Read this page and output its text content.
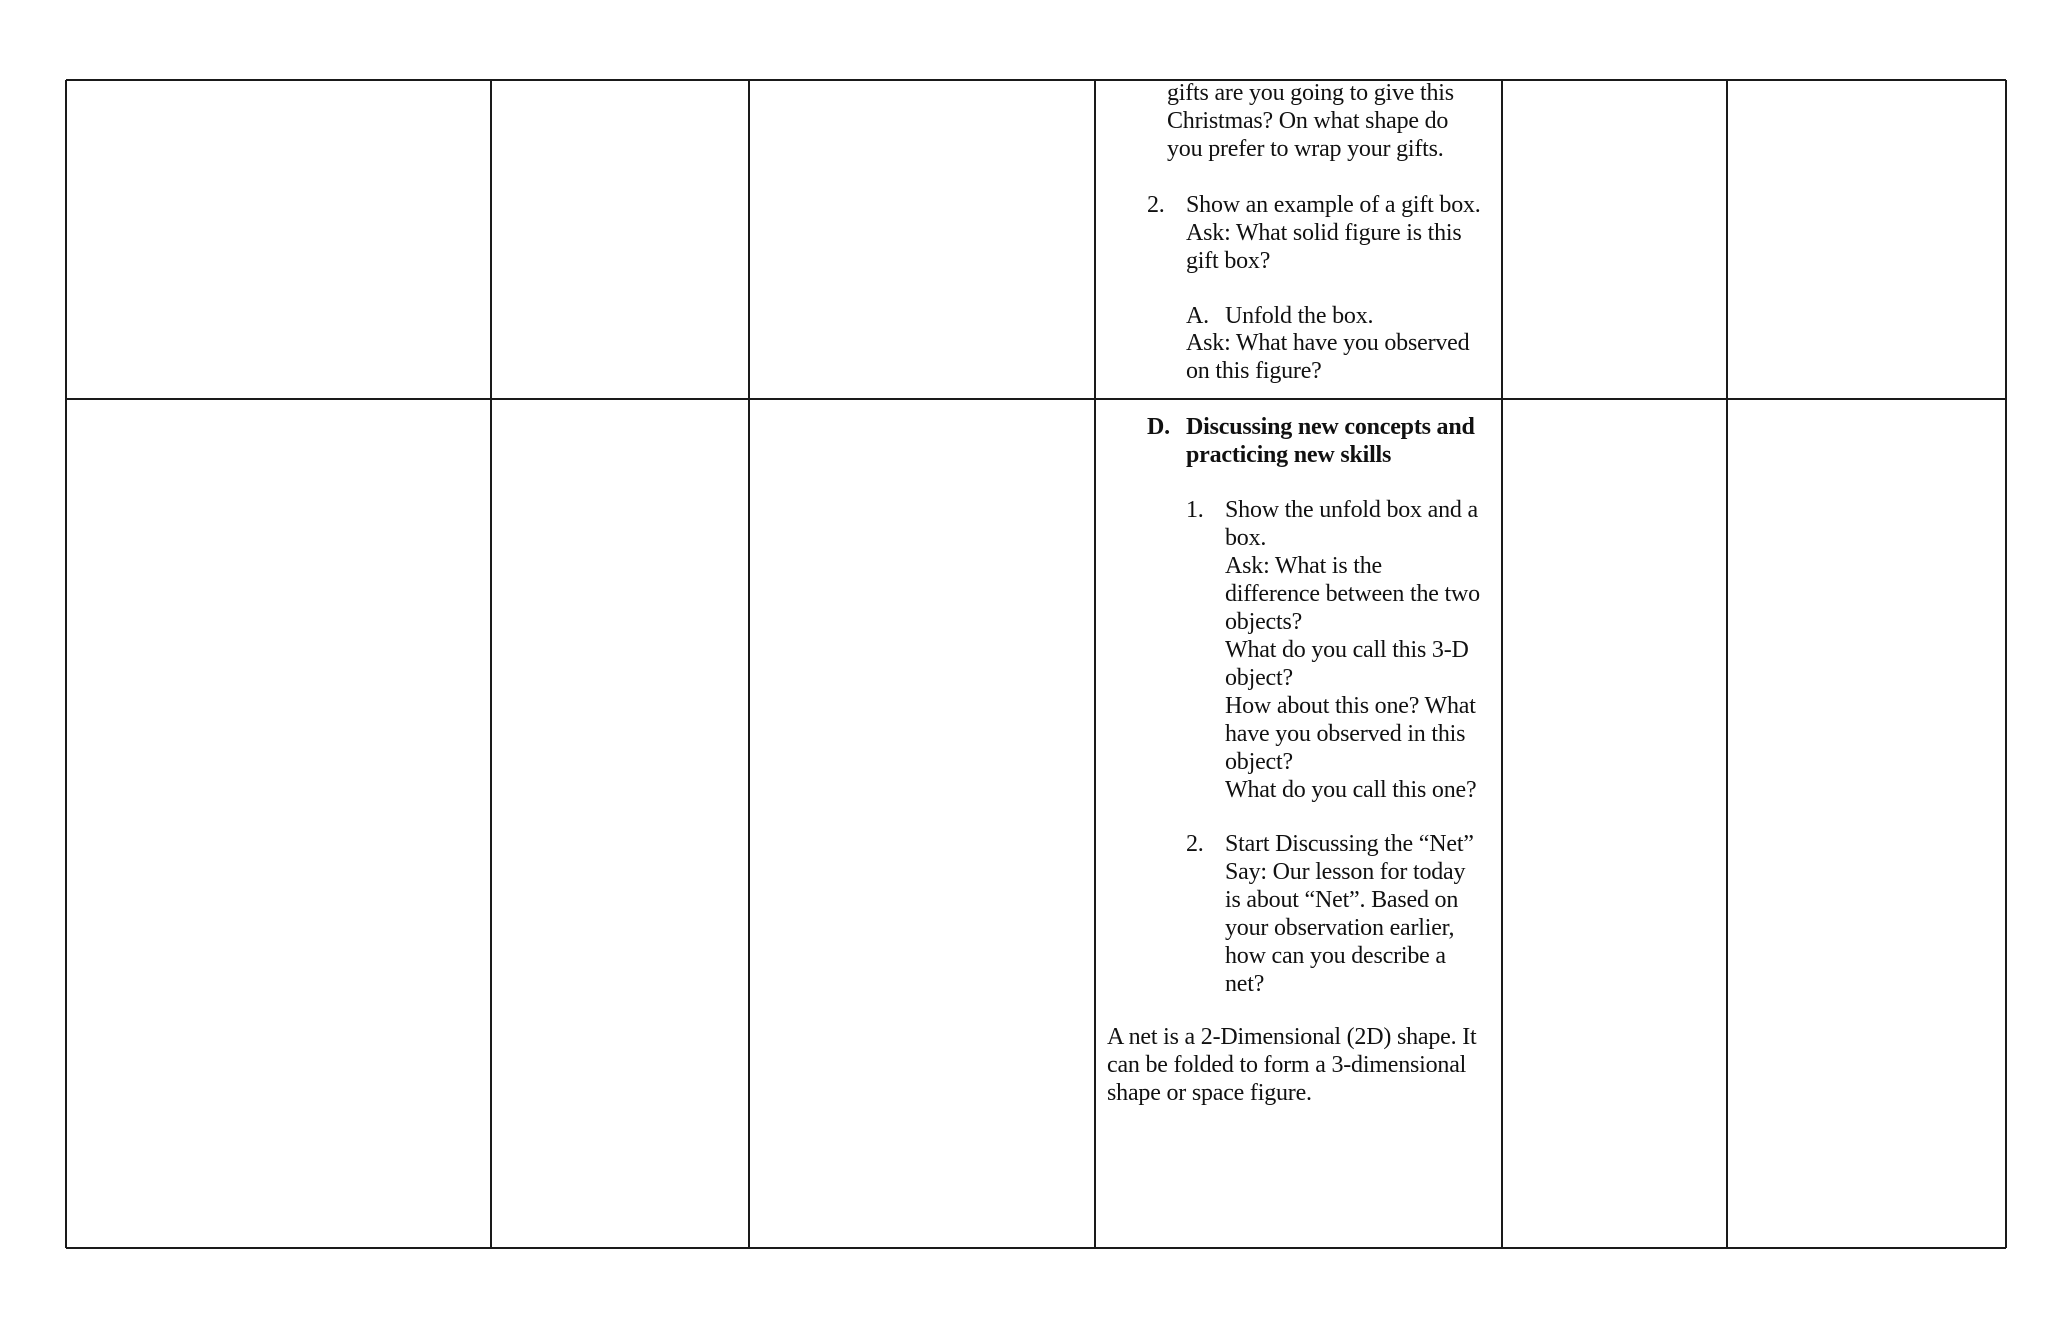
gifts are you going to give this
Christmas? On what shape do
you prefer to wrap your gifts.
2. Show an example of a gift box.
Ask: What solid figure is this
gift box?
A. Unfold the box.
Ask: What have you observed
on this figure?
D. Discussing new concepts and
practicing new skills
1. Show the unfold box and a
box.
Ask: What is the
difference between the two
objects?
What do you call this 3-D
object?
How about this one? What
have you observed in this
object?
What do you call this one?
2. Start Discussing the “Net”
Say: Our lesson for today
is about “Net”. Based on
your observation earlier,
how can you describe a
net?
A net is a 2-Dimensional (2D) shape. It
can be folded to form a 3-dimensional
shape or space figure.
